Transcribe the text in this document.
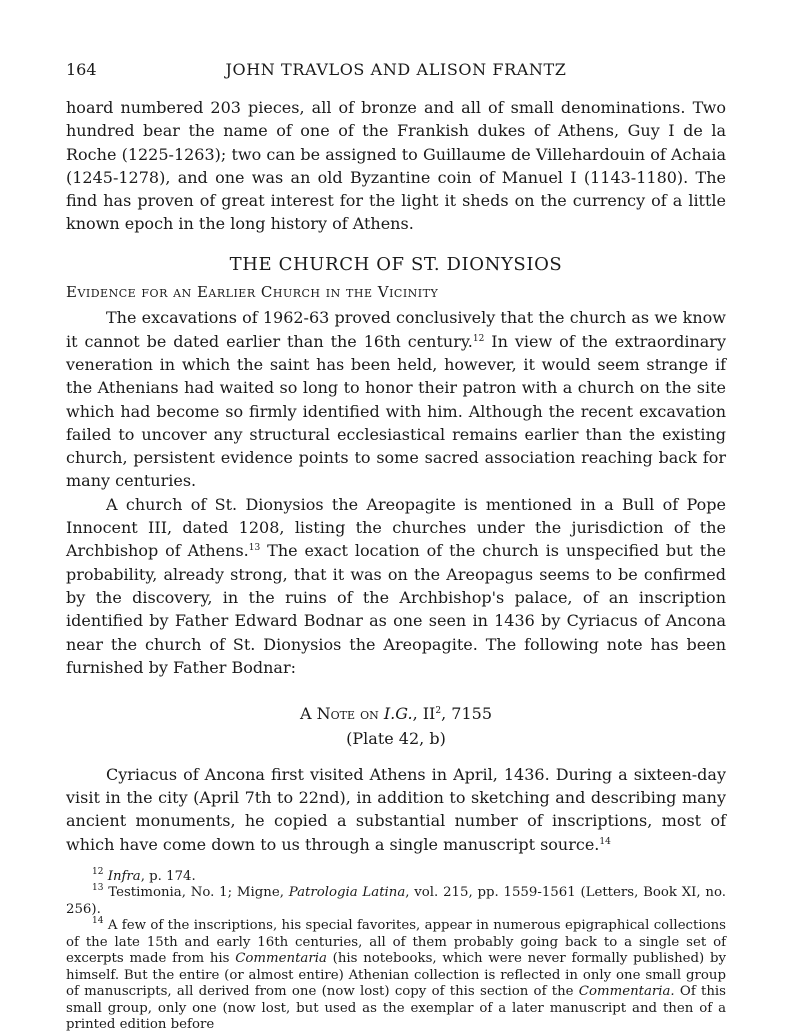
164	JOHN TRAVLOS AND ALISON FRANTZ

hoard numbered 203 pieces, all of bronze and all of small denominations. Two hundred bear the name of one of the Frankish dukes of Athens, Guy I de la Roche (1225-1263); two can be assigned to Guillaume de Villehardouin of Achaia (1245-1278), and one was an old Byzantine coin of Manuel I (1143-1180). The find has proven of great interest for the light it sheds on the currency of a little known epoch in the long history of Athens.

THE CHURCH OF ST. DIONYSIOS
Evidence for an Earlier Church in the Vicinity

The excavations of 1962-63 proved conclusively that the church as we know it cannot be dated earlier than the 16th century.$^{12}$ In view of the extraordinary veneration in which the saint has been held, however, it would seem strange if the Athenians had waited so long to honor their patron with a church on the site which had become so firmly identified with him. Although the recent excavation failed to uncover any structural ecclesiastical remains earlier than the existing church, persistent evidence points to some sacred association reaching back for many centuries.

A church of St. Dionysios the Areopagite is mentioned in a Bull of Pope Innocent III, dated 1208, listing the churches under the jurisdiction of the Archbishop of Athens.$^{13}$ The exact location of the church is unspecified but the probability, already strong, that it was on the Areopagus seems to be confirmed by the discovery, in the ruins of the Archbishop's palace, of an inscription identified by Father Edward Bodnar as one seen in 1436 by Cyriacus of Ancona near the church of St. Dionysios the Areopagite. The following note has been furnished by Father Bodnar:

A Note on I.G., $II^2$, 7155
(Plate 42, b)

Cyriacus of Ancona first visited Athens in April, 1436. During a sixteen-day visit in the city (April 7th to 22nd), in addition to sketching and describing many ancient monuments, he copied a substantial number of inscriptions, most of which have come down to us through a single manuscript source.$^{14}$

$^{12}$ Infra, p. 174.

$^{13}$ Testimonia, No. 1; Migne, Patrologia Latina, vol. 215, pp. 1559-1561 (Letters, Book XI, no. 256).

$^{14}$ A few of the inscriptions, his special favorites, appear in numerous epigraphical collections of the late 15th and early 16th centuries, all of them probably going back to a single set of excerpts made from his Commentaria (his notebooks, which were never formally published) by himself. But the entire (or almost entire) Athenian collection is reflected in only one small group of manuscripts, all derived from one (now lost) copy of this section of the Commentaria. Of this small group, only one (now lost, but used as the exemplar of a later manuscript and then of a printed edition before
